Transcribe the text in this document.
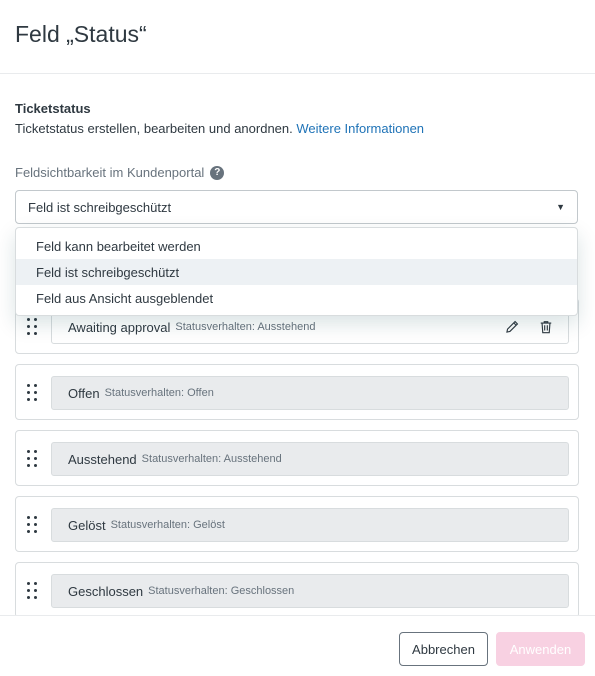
Feld „Status“
Ticketstatus
Ticketstatus erstellen, bearbeiten und anordnen. Weitere Informationen
Feldsichtbarkeit im Kundenportal ?
Feld ist schreibgeschützt	▼
Awaiting approval Statusverhalten: Ausstehend
Offen Statusverhalten: Offen
Ausstehend Statusverhalten: Ausstehend
Gelöst Statusverhalten: Gelöst
Geschlossen Statusverhalten: Geschlossen
Feld kann bearbeitet werden
Feld ist schreibgeschützt
Feld aus Ansicht ausgeblendet
Abbrechen	Anwenden
